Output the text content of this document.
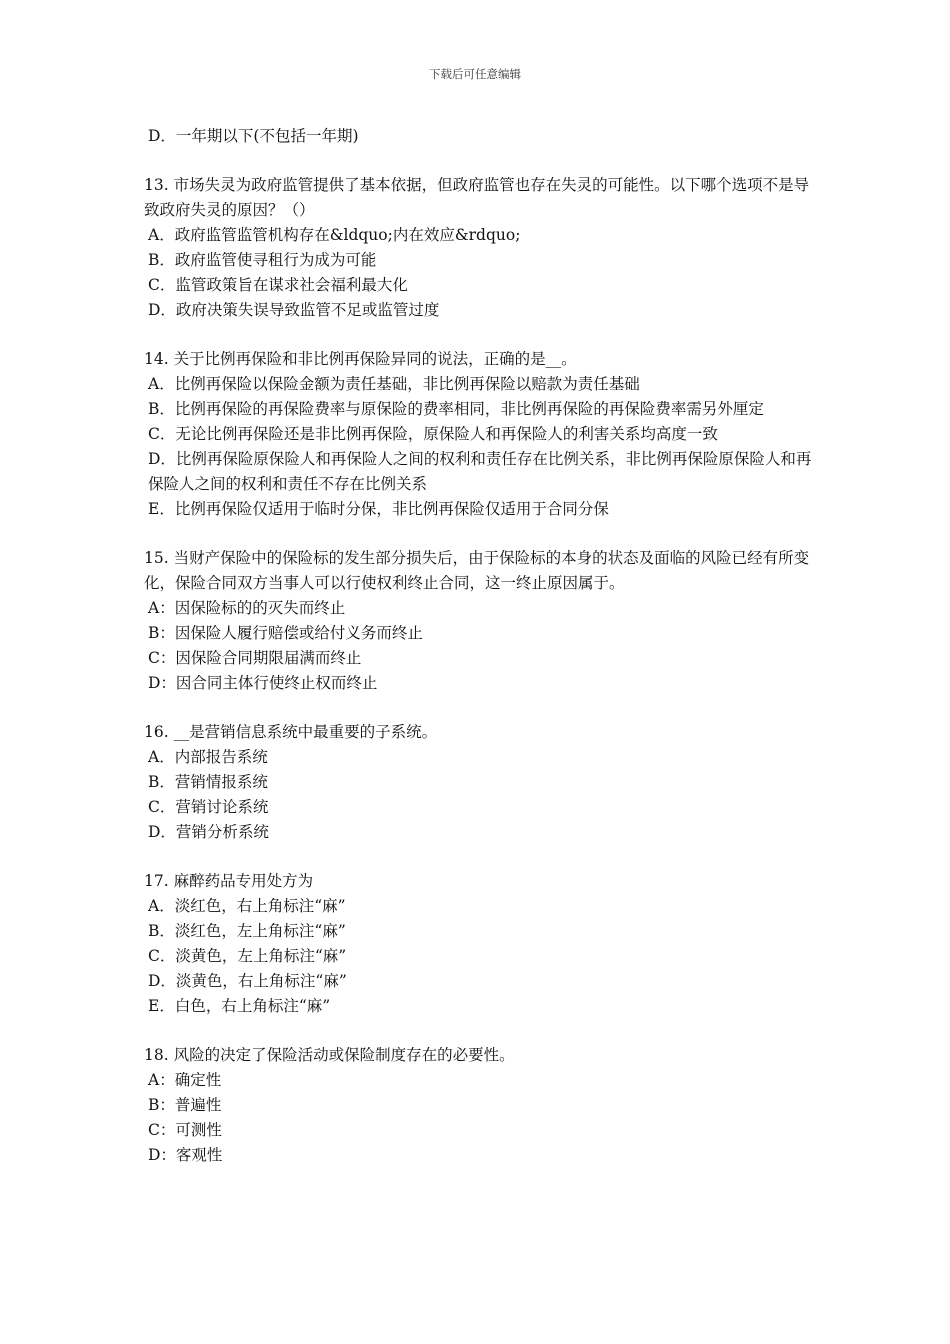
下载后可任意编辑
D．一年期以下(不包括一年期)
13. 市场失灵为政府监管提供了基本依据，但政府监管也存在失灵的可能性。以下哪个选项不是导致政府失灵的原因？（）
A．政府监管监管机构存在&ldquo;内在效应&rdquo;
B．政府监管使寻租行为成为可能
C．监管政策旨在谋求社会福利最大化
D．政府决策失误导致监管不足或监管过度
14. 关于比例再保险和非比例再保险异同的说法，正确的是__。
A．比例再保险以保险金额为责任基础，非比例再保险以赔款为责任基础
B．比例再保险的再保险费率与原保险的费率相同，非比例再保险的再保险费率需另外厘定
C．无论比例再保险还是非比例再保险，原保险人和再保险人的利害关系均高度一致
D．比例再保险原保险人和再保险人之间的权利和责任存在比例关系，非比例再保险原保险人和再保险人之间的权利和责任不存在比例关系
E．比例再保险仅适用于临时分保，非比例再保险仅适用于合同分保
15. 当财产保险中的保险标的发生部分损失后，由于保险标的本身的状态及面临的风险已经有所变化，保险合同双方当事人可以行使权利终止合同，这一终止原因属于。
A：因保险标的的灭失而终止
B：因保险人履行赔偿或给付义务而终止
C：因保险合同期限届满而终止
D：因合同主体行使终止权而终止
16. __是营销信息系统中最重要的子系统。
A．内部报告系统
B．营销情报系统
C．营销讨论系统
D．营销分析系统
17. 麻醉药品专用处方为
A．淡红色，右上角标注“麻”
B．淡红色，左上角标注“麻”
C．淡黄色，左上角标注“麻”
D．淡黄色，右上角标注“麻”
E．白色，右上角标注“麻”
18. 风险的决定了保险活动或保险制度存在的必要性。
A：确定性
B：普遍性
C：可测性
D：客观性
